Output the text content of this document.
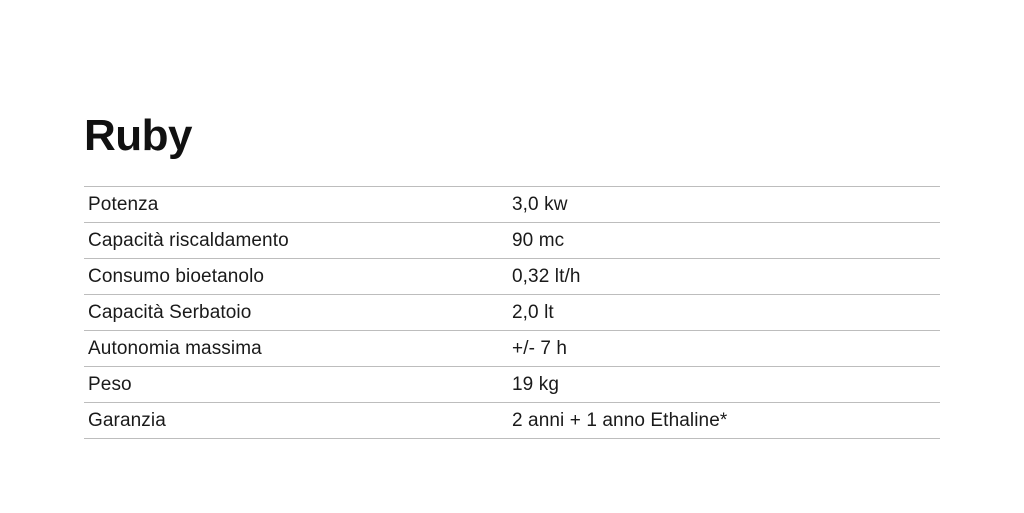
Ruby
Potenza	3,0 kw
Capacità riscaldamento	90 mc
Consumo bioetanolo	0,32 lt/h
Capacità Serbatoio	2,0 lt
Autonomia massima	+/- 7 h
Peso	19 kg
Garanzia	2 anni + 1 anno Ethaline*
